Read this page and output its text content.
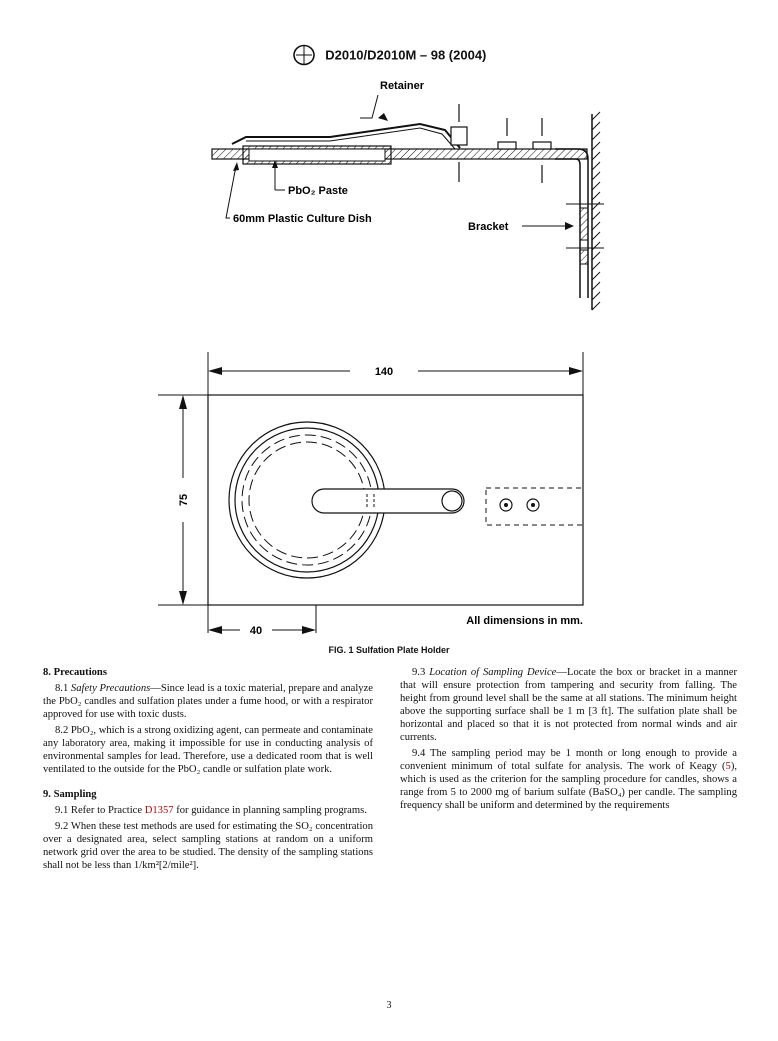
D2010/D2010M – 98 (2004)
Retainer
PbO₂ Paste
60mm Plastic Culture Dish
Bracket
140
75
40
All dimensions in mm.
FIG. 1 Sulfation Plate Holder
8. Precautions

8.1 Safety Precautions—Since lead is a toxic material, prepare and analyze the PbO₂ candles and sulfation plates under a fume hood, or with a respirator approved for use with toxic dusts.

8.2 PbO₂, which is a strong oxidizing agent, can permeate and contaminate any laboratory area, making it impossible for use in conducting analysis of environmental samples for lead. Therefore, use a dedicated room that is well ventilated to the outside for the PbO₂ candle or sulfation plate work.

9. Sampling

9.1 Refer to Practice D1357 for guidance in planning sampling programs.

9.2 When these test methods are used for estimating the SO₂ concentration over a designated area, select sampling stations at random on a uniform network grid over the area to be studied. The density of the sampling stations shall not be less than 1/km²[2/mile²].

9.3 Location of Sampling Device—Locate the box or bracket in a manner that will ensure protection from tampering and security from falling. The height from ground level shall be the same at all stations. The minimum height above the supporting surface shall be 1 m [3 ft]. The sulfation plate shall be horizontal and placed so that it is not protected from normal winds and air currents.

9.4 The sampling period may be 1 month or long enough to provide a convenient minimum of total sulfate for analysis. The work of Keagy (5), which is used as the criterion for the sampling procedure for candles, shows a range from 5 to 2000 mg of barium sulfate (BaSO₄) per candle. The sampling frequency shall be uniform and determined by the requirements

3
